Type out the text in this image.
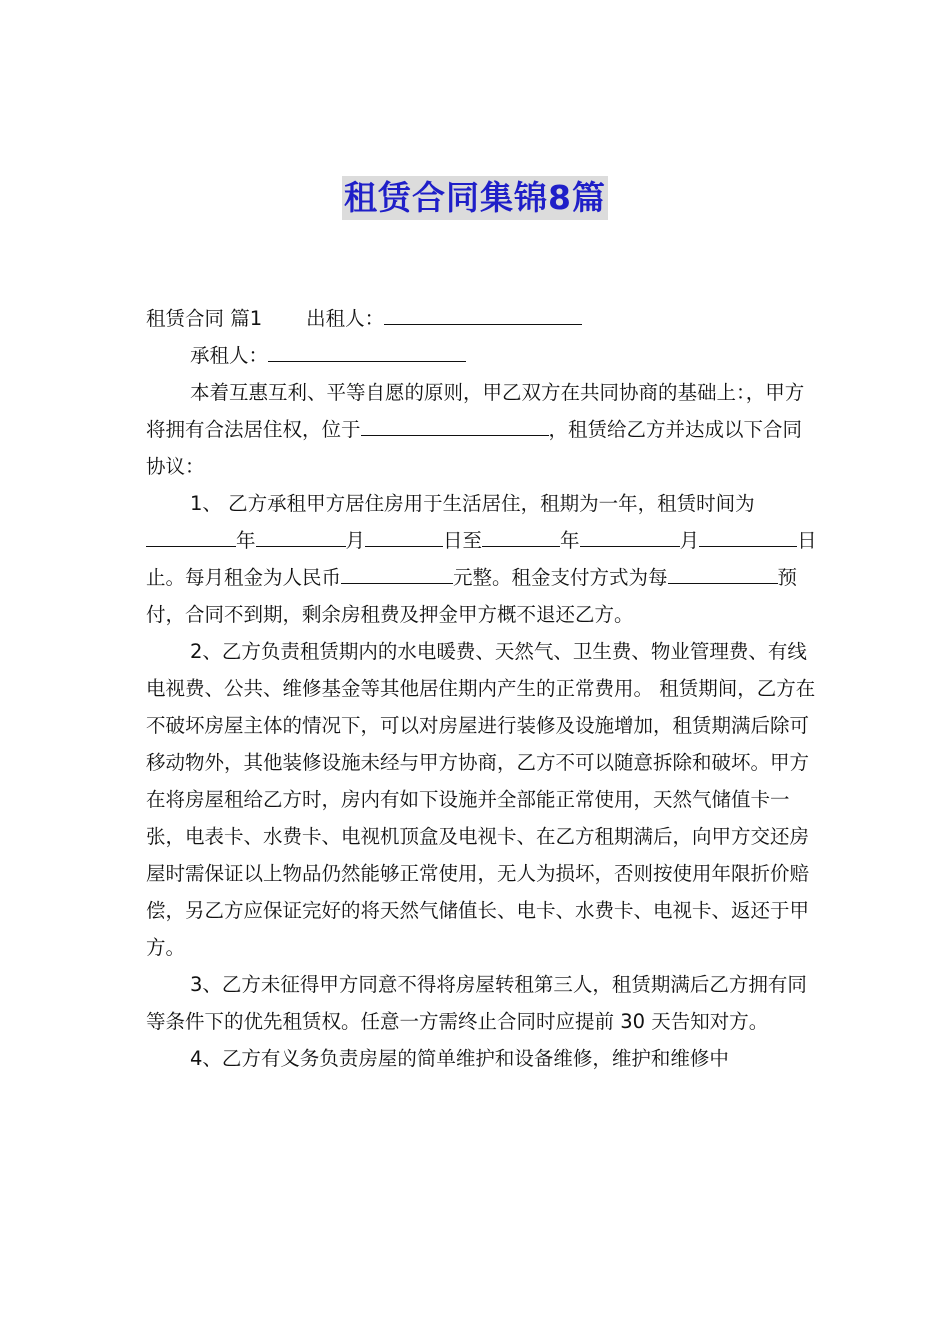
租赁合同集锦8篇

租赁合同 篇1 出租人：

承租人：

本着互惠互利、平等自愿的原则，甲乙双方在共同协商的基础上：，甲方将拥有合法居住权，位于	，租赁给乙方并达成以下合同协议：

1、 乙方承租甲方居住房用于生活居住，租期为一年，租赁时间为年	月	日至	年	月	日止。每月租金为人民币	元整。租金支付方式为每	预付，合同不到期，剩余房租费及押金甲方概不退还乙方。

2、乙方负责租赁期内的水电暖费、天然气、卫生费、物业管理费、有线电视费、公共、维修基金等其他居住期内产生的正常费用。 租赁期间，乙方在不破坏房屋主体的情况下，可以对房屋进行装修及设施增加，租赁期满后除可移动物外，其他装修设施未经与甲方协商，乙方不可以随意拆除和破坏。甲方在将房屋租给乙方时，房内有如下设施并全部能正常使用，天然气储值卡一张，电表卡、水费卡、电视机顶盒及电视卡、在乙方租期满后，向甲方交还房屋时需保证以上物品仍然能够正常使用，无人为损坏，否则按使用年限折价赔偿，另乙方应保证完好的将天然气储值长、电卡、水费卡、电视卡、返还于甲方。

3、乙方未征得甲方同意不得将房屋转租第三人，租赁期满后乙方拥有同等条件下的优先租赁权。任意一方需终止合同时应提前 30 天告知对方。

4、乙方有义务负责房屋的简单维护和设备维修，维护和维修中
